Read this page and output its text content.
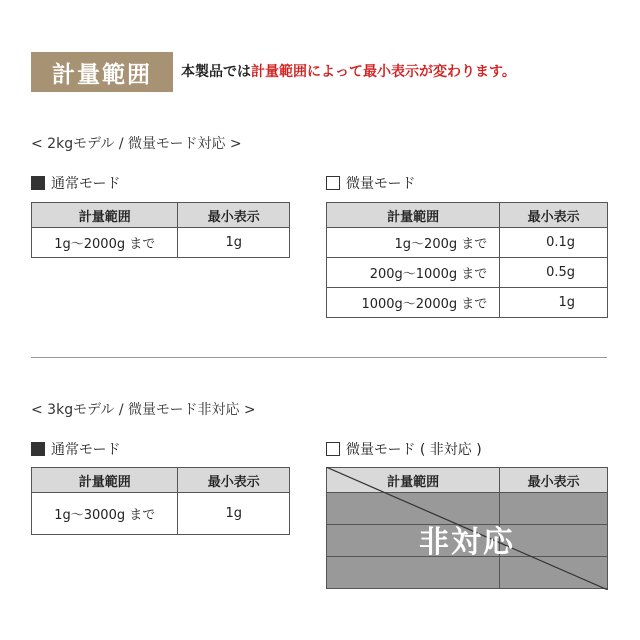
計量範囲	本製品では計量範囲によって最小表示が変わります。
< 2kgモデル / 微量モード対応 >
通常モード
計量範囲	最小表示
1g～2000g まで	1g
微量モード
計量範囲	最小表示
1g～200g まで	0.1g
200g～1000g まで	0.5g
1000g～2000g まで	1g
< 3kgモデル / 微量モード非対応 >
通常モード
計量範囲	最小表示
1g～3000g まで	1g
微量モード ( 非対応 )
計量範囲	最小表示

非対応
